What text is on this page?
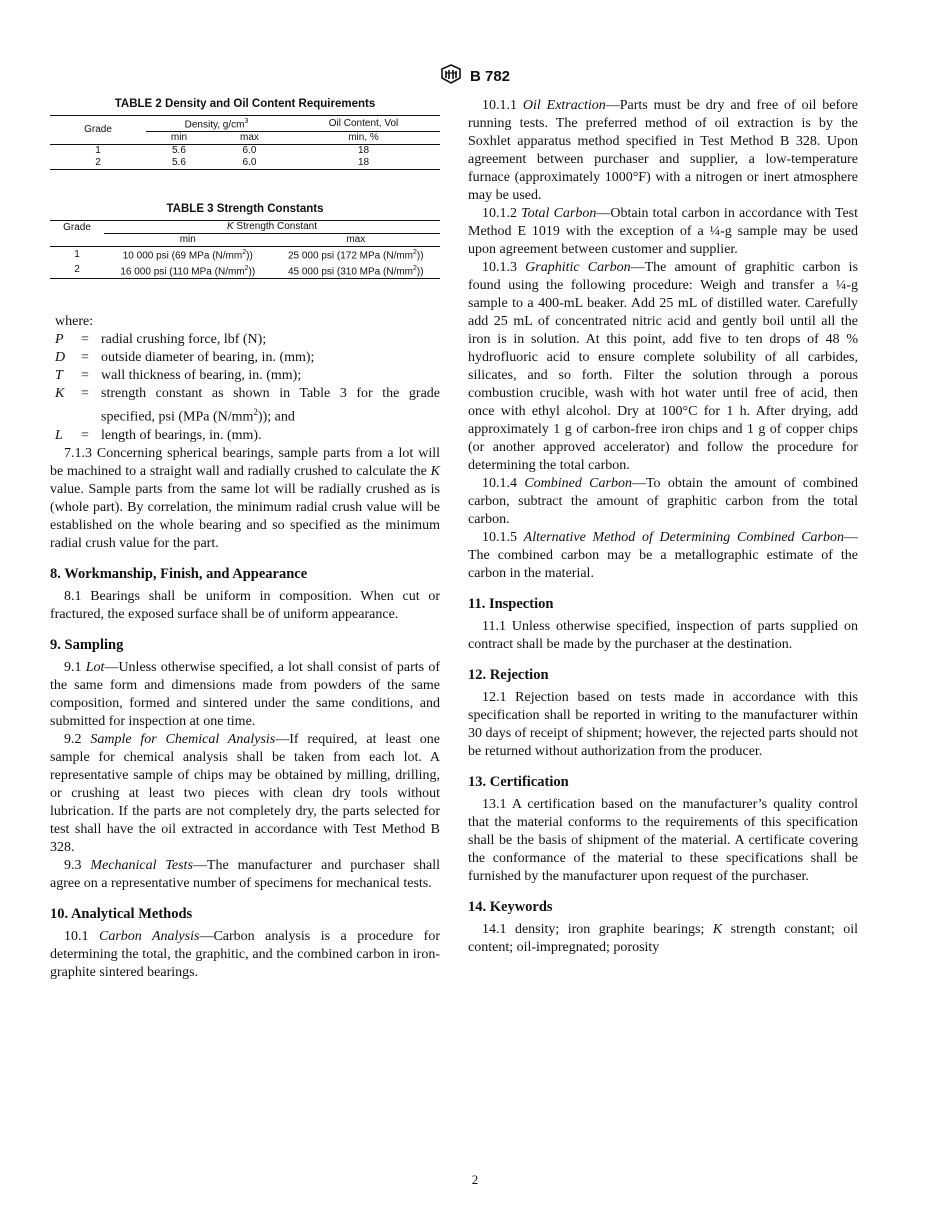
B 782
TABLE 2 Density and Oil Content Requirements
Grade	Density, $g/cm^3$		Oil Content, Vol
	min	max	min, %
1	5.6	6.0	18
2	5.6	6.0	18
TABLE 3 Strength Constants
Grade	K Strength Constant	
	min	max
1	10 000 psi (69 MPa $(N/mm^2)$)	25 000 psi (172 MPa $(N/mm^2)$)
2	16 000 psi (110 MPa $(N/mm^2)$)	45 000 psi (310 MPa $(N/mm^2)$)

where:

P	= radial crushing force, lbf (N);
D	= outside diameter of bearing, in. (mm);
T	= wall thickness of bearing, in. (mm);
K	= strength constant as shown in Table 3 for the grade specified, psi (MPa $(N/mm^2)$); and
L	= length of bearings, in. (mm).

7.1.3 Concerning spherical bearings, sample parts from a lot will be machined to a straight wall and radially crushed to calculate the K value. Sample parts from the same lot will be radially crushed as is (whole part). By correlation, the minimum radial crush value will be established on the whole bearing and so specified as the minimum radial crush value for the part.

8. Workmanship, Finish, and Appearance

8.1 Bearings shall be uniform in composition. When cut or fractured, the exposed surface shall be of uniform appearance.

9. Sampling

9.1 Lot—Unless otherwise specified, a lot shall consist of parts of the same form and dimensions made from powders of the same composition, formed and sintered under the same conditions, and submitted for inspection at one time.

9.2 Sample for Chemical Analysis—If required, at least one sample for chemical analysis shall be taken from each lot. A representative sample of chips may be obtained by milling, drilling, or crushing at least two pieces with clean dry tools without lubrication. If the parts are not completely dry, the parts selected for test shall have the oil extracted in accordance with Test Method B 328.

9.3 Mechanical Tests—The manufacturer and purchaser shall agree on a representative number of specimens for mechanical tests.

10. Analytical Methods

10.1 Carbon Analysis—Carbon analysis is a procedure for determining the total, the graphitic, and the combined carbon in iron-graphite sintered bearings.

10.1.1 Oil Extraction—Parts must be dry and free of oil before running tests. The preferred method of oil extraction is by the Soxhlet apparatus method specified in Test Method B 328. Upon agreement between purchaser and supplier, a low-temperature furnace (approximately 1000°F) with a nitrogen or inert atmosphere may be used.

10.1.2 Total Carbon—Obtain total carbon in accordance with Test Method E 1019 with the exception of a ¼-g sample may be used upon agreement between customer and supplier.

10.1.3 Graphitic Carbon—The amount of graphitic carbon is found using the following procedure: Weigh and transfer a ¼-g sample to a 400-mL beaker. Add 25 mL of distilled water. Carefully add 25 mL of concentrated nitric acid and gently boil until all the iron is in solution. At this point, add five to ten drops of 48 % hydrofluoric acid to ensure complete solubility of all carbides, silicates, and so forth. Filter the solution through a porous combustion crucible, wash with hot water until free of acid, then once with ethyl alcohol. Dry at 100°C for 1 h. After drying, add approximately 1 g of carbon-free iron chips and 1 g of copper chips (or another approved accelerator) and follow the procedure for determining the total carbon.

10.1.4 Combined Carbon—To obtain the amount of combined carbon, subtract the amount of graphitic carbon from the total carbon.

10.1.5 Alternative Method of Determining Combined Carbon—The combined carbon may be a metallographic estimate of the carbon in the material.

11. Inspection

11.1 Unless otherwise specified, inspection of parts supplied on contract shall be made by the purchaser at the destination.

12. Rejection

12.1 Rejection based on tests made in accordance with this specification shall be reported in writing to the manufacturer within 30 days of receipt of shipment; however, the rejected parts should not be returned without authorization from the producer.

13. Certification

13.1 A certification based on the manufacturer’s quality control that the material conforms to the requirements of this specification shall be the basis of shipment of the material. A certificate covering the conformance of the material to these specifications shall be furnished by the manufacturer upon request of the purchaser.

14. Keywords

14.1 density; iron graphite bearings; K strength constant; oil content; oil-impregnated; porosity

2
